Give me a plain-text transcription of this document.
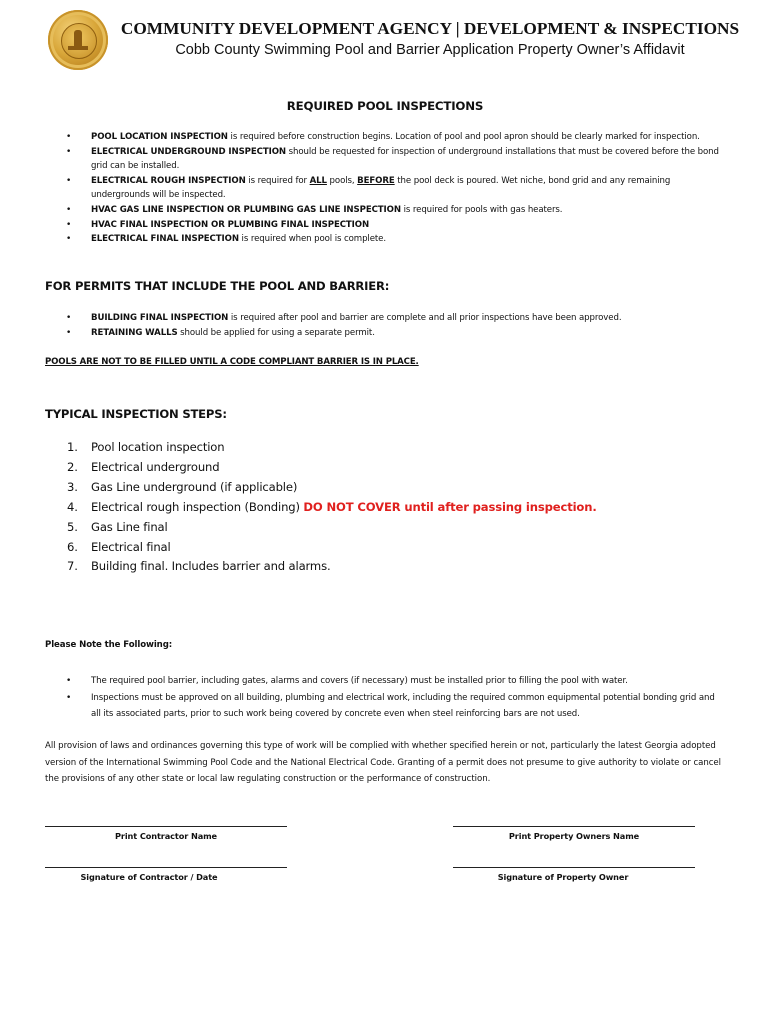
COMMUNITY DEVELOPMENT AGENCY | DEVELOPMENT & INSPECTIONS
Cobb County Swimming Pool and Barrier Application Property Owner’s Affidavit
REQUIRED POOL INSPECTIONS
• POOL LOCATION INSPECTION is required before construction begins. Location of pool and pool apron should be clearly marked for inspection.
• ELECTRICAL UNDERGROUND INSPECTION should be requested for inspection of underground installations that must be covered before the bond grid can be installed.
• ELECTRICAL ROUGH INSPECTION is required for ALL pools, BEFORE the pool deck is poured. Wet niche, bond grid and any remaining undergrounds will be inspected.
• HVAC GAS LINE INSPECTION OR PLUMBING GAS LINE INSPECTION is required for pools with gas heaters.
• HVAC FINAL INSPECTION OR PLUMBING FINAL INSPECTION
• ELECTRICAL FINAL INSPECTION is required when pool is complete.
FOR PERMITS THAT INCLUDE THE POOL AND BARRIER:
• BUILDING FINAL INSPECTION is required after pool and barrier are complete and all prior inspections have been approved.
• RETAINING WALLS should be applied for using a separate permit.
POOLS ARE NOT TO BE FILLED UNTIL A CODE COMPLIANT BARRIER IS IN PLACE.
TYPICAL INSPECTION STEPS:
1. Pool location inspection
2. Electrical underground
3. Gas Line underground (if applicable)
4. Electrical rough inspection (Bonding) DO NOT COVER until after passing inspection.
5. Gas Line final
6. Electrical final
7. Building final. Includes barrier and alarms.
Please Note the Following:
• The required pool barrier, including gates, alarms and covers (if necessary) must be installed prior to filling the pool with water.
• Inspections must be approved on all building, plumbing and electrical work, including the required common equipmental potential bonding grid and all its associated parts, prior to such work being covered by concrete even when steel reinforcing bars are not used.
All provision of laws and ordinances governing this type of work will be complied with whether specified herein or not, particularly the latest Georgia adopted version of the International Swimming Pool Code and the National Electrical Code. Granting of a permit does not presume to give authority to violate or cancel the provisions of any other state or local law regulating construction or the performance of construction.
Print Contractor Name	Print Property Owners Name
Signature of Contractor / Date	Signature of Property Owner
